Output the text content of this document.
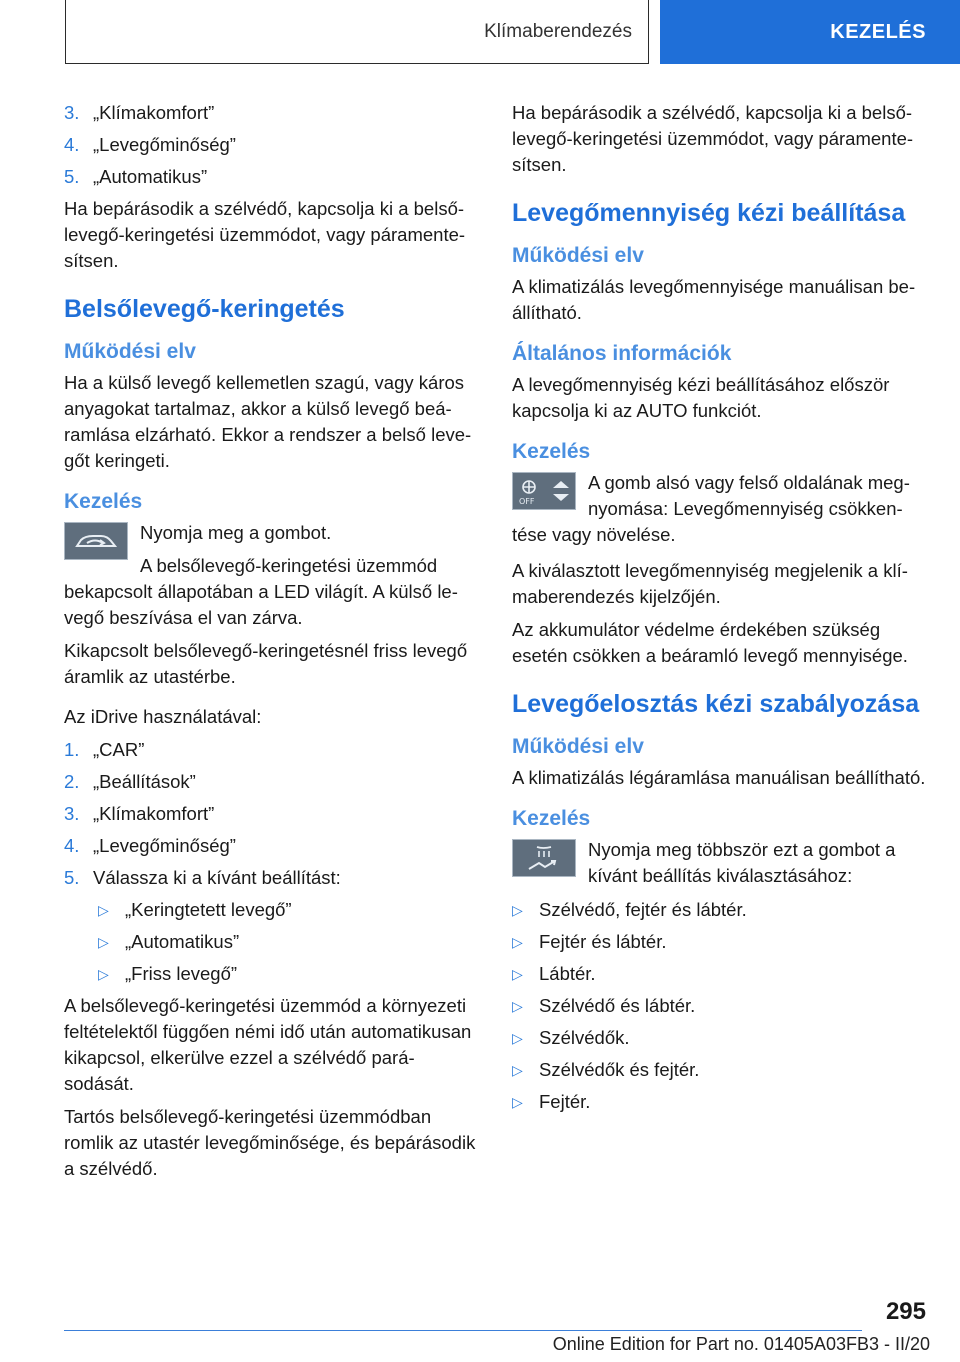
Klímaberendezés	KEZELÉS
3. „Klímakomfort”
4. „Levegőminőség”
5. „Automatikus”

Ha bepárásodik a szélvédő, kapcsolja ki a belsőlevegő-keringetési üzemmódot, vagy páramentesítsen.

Belsőlevegő-keringetés
Működési elv

Ha a külső levegő kellemetlen szagú, vagy káros anyagokat tartalmaz, akkor a külső levegő beáramlása elzárható. Ekkor a rendszer a belső levegőt keringeti.

Kezelés

Nyomja meg a gombot.

A belsőlevegő-keringetési üzemmód bekapcsolt állapotában a LED világít. A külső levegő beszívása el van zárva.

Kikapcsolt belsőlevegő-keringetésnél friss levegő áramlik az utastérbe.

Az iDrive használatával:

1. „CAR”
2. „Beállítások”
3. „Klímakomfort”
4. „Levegőminőség”
5. Válassza ki a kívánt beállítást:
▷ „Keringtetett levegő”
▷ „Automatikus”
▷ „Friss levegő”

A belsőlevegő-keringetési üzemmód a környezeti feltételektől függően némi idő után automatikusan kikapcsol, elkerülve ezzel a szélvédő parásodását.

Tartós belsőlevegő-keringetési üzemmódban romlik az utastér levegőminősége, és bepárásodik a szélvédő.

Ha bepárásodik a szélvédő, kapcsolja ki a belsőlevegő-keringetési üzemmódot, vagy páramentesítsen.

Levegőmennyiség kézi beállítása
Működési elv

A klimatizálás levegőmennyisége manuálisan beállítható.

Általános információk

A levegőmennyiség kézi beállításához először kapcsolja ki az AUTO funkciót.

Kezelés
OFF

A gomb alsó vagy felső oldalának megnyomása: Levegőmennyiség csökkentése vagy növelése.

A kiválasztott levegőmennyiség megjelenik a klímaberendezés kijelzőjén.

Az akkumulátor védelme érdekében szükség esetén csökken a beáramló levegő mennyisége.

Levegőelosztás kézi szabályozása
Működési elv

A klimatizálás légáramlása manuálisan beállítható.

Kezelés

Nyomja meg többször ezt a gombot a kívánt beállítás kiválasztásához:

▷ Szélvédő, fejtér és lábtér.
▷ Fejtér és lábtér.
▷ Lábtér.
▷ Szélvédő és lábtér.
▷ Szélvédők.
▷ Szélvédők és fejtér.
▷ Fejtér.
295
Online Edition for Part no. 01405A03FB3 - II/20
